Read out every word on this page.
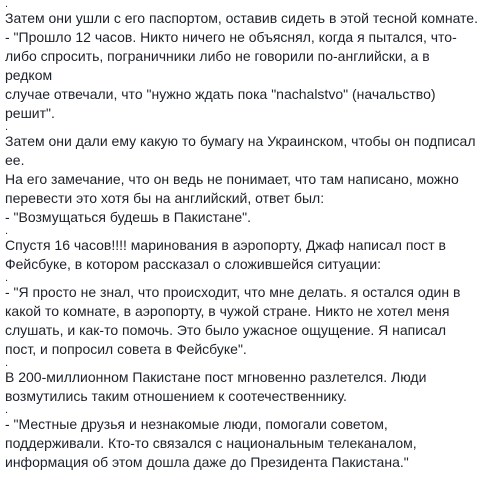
.

Затем они ушли с его паспортом, оставив сидеть в этой тесной комнате.
- "Прошло 12 часов. Никто ничего не объяснял, когда я пытался, что-
либо спросить, пограничники либо не говорили по-английски, а в редком
случае отвечали, что "нужно ждать пока "nachalstvo" (начальство)
решит".

.

Затем они дали ему какую то бумагу на Украинском, чтобы он подписал
ее.
На его замечание, что он ведь не понимает, что там написано, можно
перевести это хотя бы на английский, ответ был:
- "Возмущаться будешь в Пакистане".

.

Спустя 16 часов!!!! маринования в аэропорту, Джаф написал пост в
Фейсбуке, в котором рассказал о сложившейся ситуации:

.

- "Я просто не знал, что происходит, что мне делать. я остался один в
какой то комнате, в аэропорту, в чужой стране. Никто не хотел меня
слушать, и как-то помочь. Это было ужасное ощущение. Я написал
пост, и попросил совета в Фейсбуке".

.

В 200-миллионном Пакистане пост мгновенно разлетелся. Люди
возмутились таким отношением к соотечественнику.

.

- "Местные друзья и незнакомые люди, помогали советом,
поддерживали. Кто-то связался с национальным телеканалом,
информация об этом дошла даже до Президента Пакистана."
